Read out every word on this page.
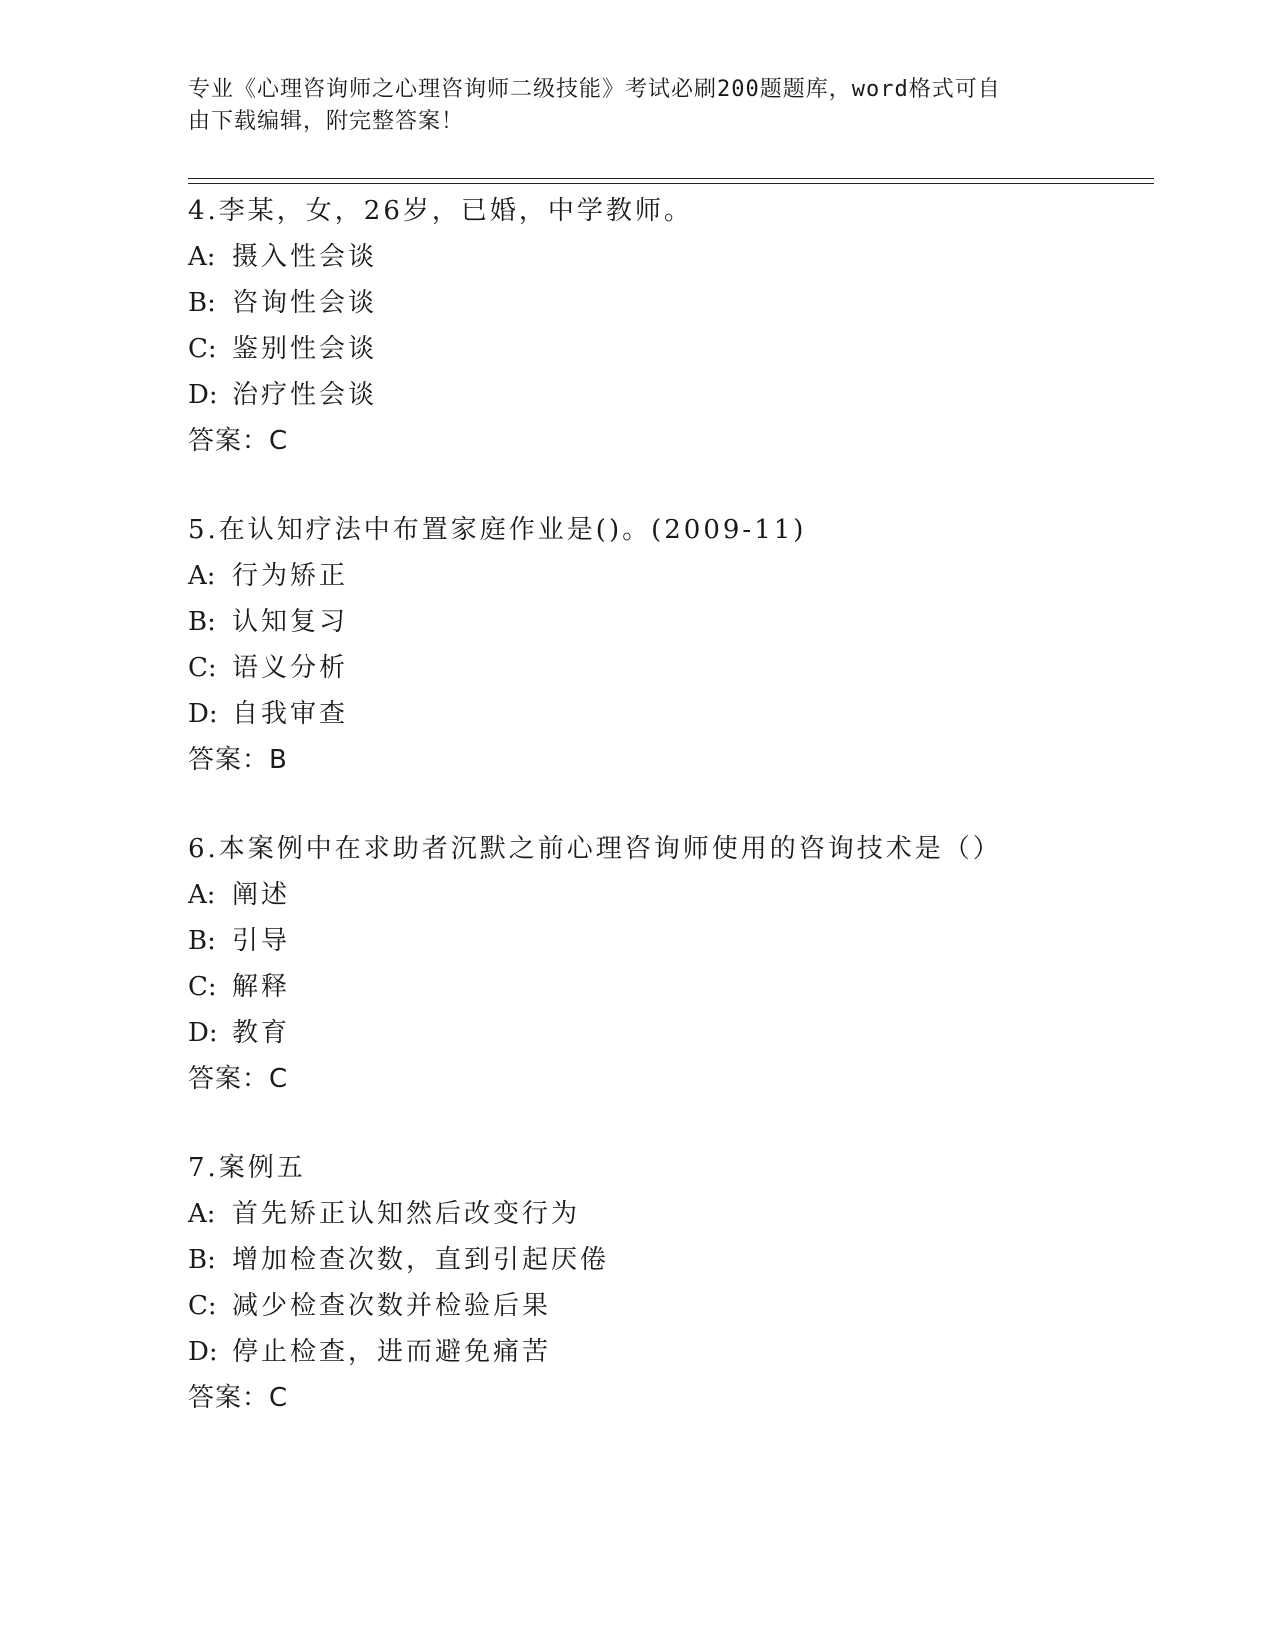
专业《心理咨询师之心理咨询师二级技能》考试必刷200题题库，word格式可自
由下载编辑，附完整答案！
4.李某，女，26岁，已婚，中学教师。
A: 摄入性会谈
B: 咨询性会谈
C: 鉴别性会谈
D: 治疗性会谈
答案：C
5.在认知疗法中布置家庭作业是()。(2009-11)
A: 行为矫正
B: 认知复习
C: 语义分析
D: 自我审查
答案：B
6.本案例中在求助者沉默之前心理咨询师使用的咨询技术是（）
A: 阐述
B: 引导
C: 解释
D: 教育
答案：C
7.案例五
A: 首先矫正认知然后改变行为
B: 增加检查次数，直到引起厌倦
C: 减少检查次数并检验后果
D: 停止检查，进而避免痛苦
答案：C
